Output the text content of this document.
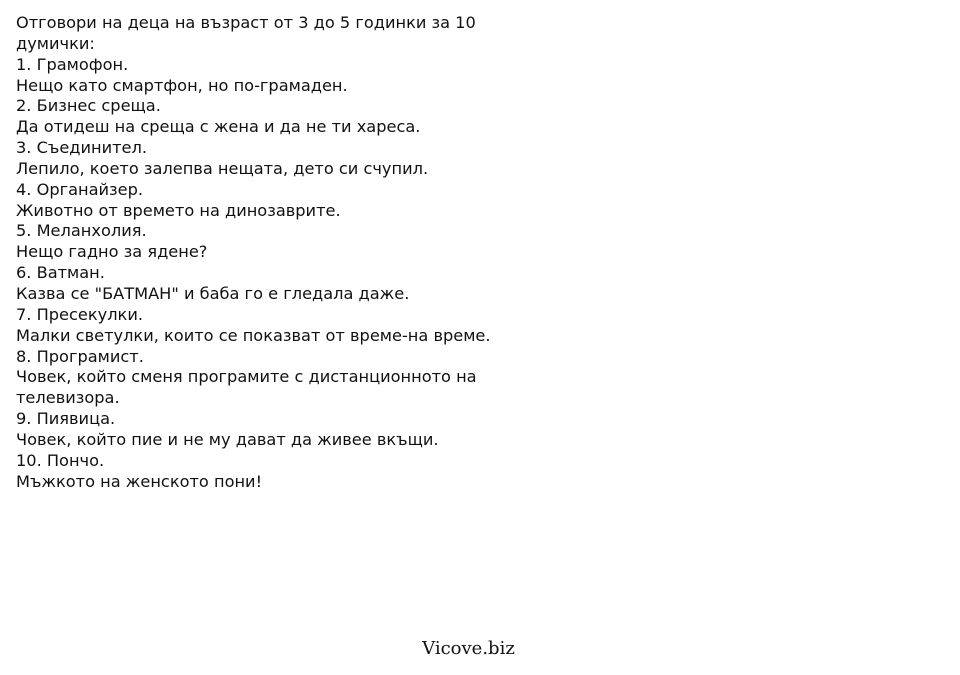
Отговори на деца на възраст от 3 до 5 годинки за 10 думички:
1. Грамофон.
Нещо като смартфон, но по-грамаден.
2. Бизнес среща.
Да отидеш на среща с жена и да не ти хареса.
3. Съединител.
Лепило, което залепва нещата, дето си счупил.
4. Органайзер.
Животно от времето на динозаврите.
5. Меланхолия.
Нещо гадно за ядене?
6. Ватман.
Казва се "БАТМАН" и баба го е гледала даже.
7. Пресекулки.
Малки светулки, които се показват от време-на време.
8. Програмист.
Човек, който сменя програмите с дистанционното на телевизора.
9. Пиявица.
Човек, който пие и не му дават да живее вкъщи.
10. Пончо.
Мъжкото на женското пони!
Vicove.biz
